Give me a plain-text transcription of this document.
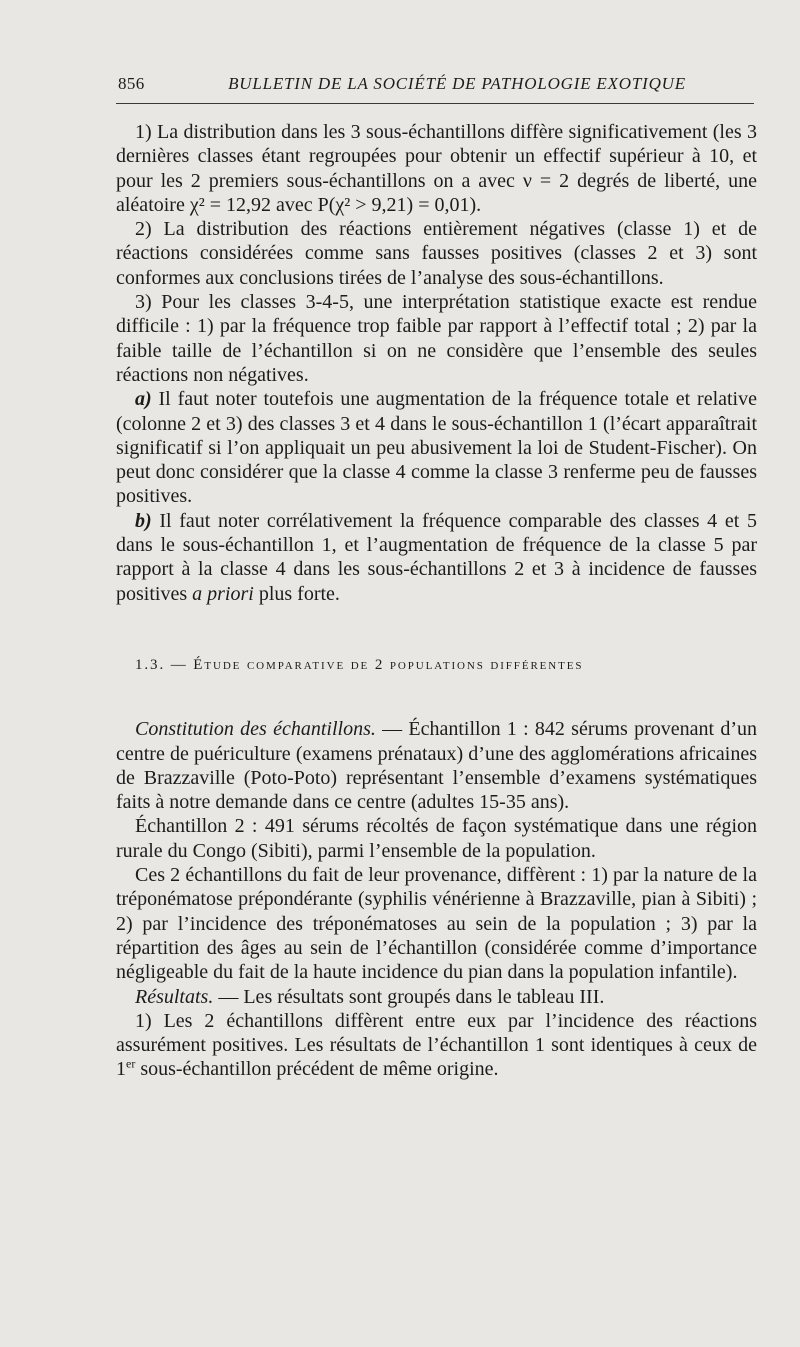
856	BULLETIN DE LA SOCIÉTÉ DE PATHOLOGIE EXOTIQUE

1) La distribution dans les 3 sous-échantillons diffère significativement (les 3 dernières classes étant regroupées pour obtenir un effectif supérieur à 10, et pour les 2 premiers sous-échantillons on a avec ν = 2 degrés de liberté, une aléatoire χ² = 12,92 avec P(χ² > 9,21) = 0,01).

2) La distribution des réactions entièrement négatives (classe 1) et de réactions considérées comme sans fausses positives (classes 2 et 3) sont conformes aux conclusions tirées de l’analyse des sous-échantillons.

3) Pour les classes 3-4-5, une interprétation statistique exacte est rendue difficile : 1) par la fréquence trop faible par rapport à l’effectif total ; 2) par la faible taille de l’échantillon si on ne considère que l’ensemble des seules réactions non négatives.

a) Il faut noter toutefois une augmentation de la fréquence totale et relative (colonne 2 et 3) des classes 3 et 4 dans le sous-échantillon 1 (l’écart apparaîtrait significatif si l’on appliquait un peu abusivement la loi de Student-Fischer). On peut donc considérer que la classe 4 comme la classe 3 renferme peu de fausses positives.

b) Il faut noter corrélativement la fréquence comparable des classes 4 et 5 dans le sous-échantillon 1, et l’augmentation de fréquence de la classe 5 par rapport à la classe 4 dans les sous-échantillons 2 et 3 à incidence de fausses positives a priori plus forte.

1.3. — Étude comparative de 2 populations différentes

Constitution des échantillons. — Échantillon 1 : 842 sérums provenant d’un centre de puériculture (examens prénataux) d’une des agglomérations africaines de Brazzaville (Poto-Poto) représentant l’ensemble d’examens systématiques faits à notre demande dans ce centre (adultes 15-35 ans).

Échantillon 2 : 491 sérums récoltés de façon systématique dans une région rurale du Congo (Sibiti), parmi l’ensemble de la population.

Ces 2 échantillons du fait de leur provenance, diffèrent : 1) par la nature de la tréponématose prépondérante (syphilis vénérienne à Brazzaville, pian à Sibiti) ; 2) par l’incidence des tréponématoses au sein de la population ; 3) par la répartition des âges au sein de l’échantillon (considérée comme d’importance négligeable du fait de la haute incidence du pian dans la population infantile).

Résultats. — Les résultats sont groupés dans le tableau III.

1) Les 2 échantillons diffèrent entre eux par l’incidence des réactions assurément positives. Les résultats de l’échantillon 1 sont identiques à ceux de 1er sous-échantillon précédent de même origine.
